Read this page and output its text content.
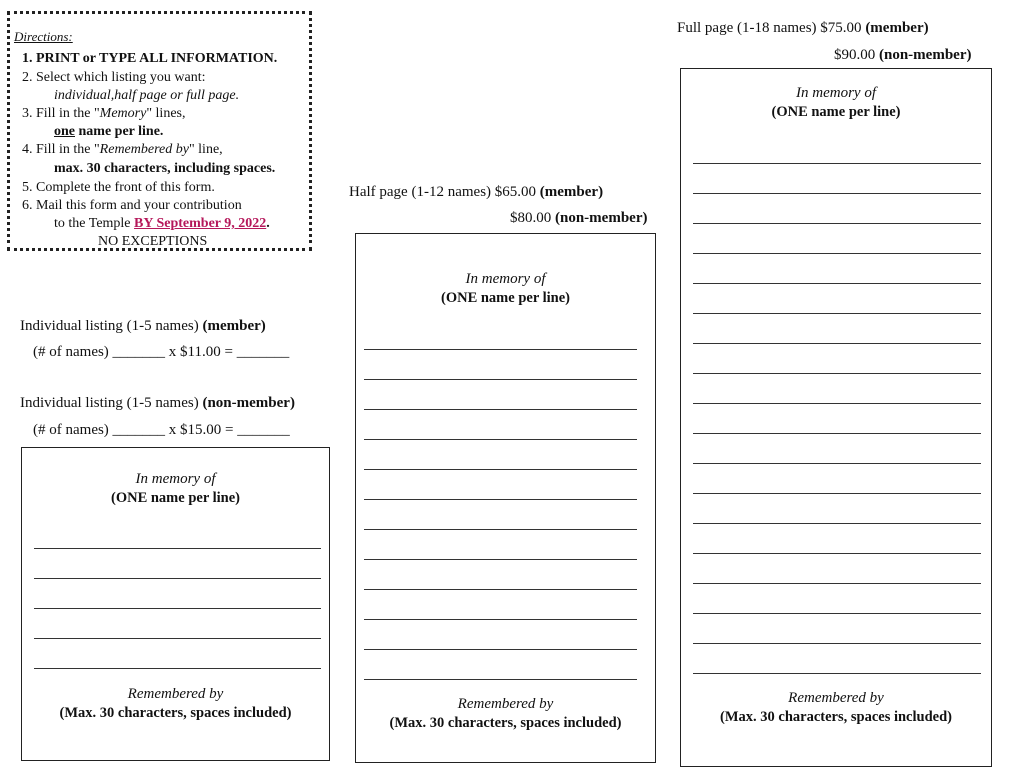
Directions:
1. PRINT or TYPE ALL INFORMATION.
2. Select which listing you want:
individual,half page or full page.
3. Fill in the "Memory" lines,
one name per line.
4. Fill in the "Remembered by" line,
max. 30 characters, including spaces.
5. Complete the front of this form.
6. Mail this form and your contribution
to the Temple BY September 9, 2022.
NO EXCEPTIONS
Individual listing (1-5 names) (member)
(# of names) _______ x $11.00 = _______
Individual listing (1-5 names) (non-member)
(# of names) _______ x $15.00 = _______
In memory of
(ONE name per line)
Remembered by
(Max. 30 characters, spaces included)
Half page (1-12 names) $65.00 (member)
$80.00 (non-member)
In memory of
(ONE name per line)
Remembered by
(Max. 30 characters, spaces included)
Full page (1-18 names) $75.00 (member)
$90.00 (non-member)
In memory of
(ONE name per line)
Remembered by
(Max. 30 characters, spaces included)
